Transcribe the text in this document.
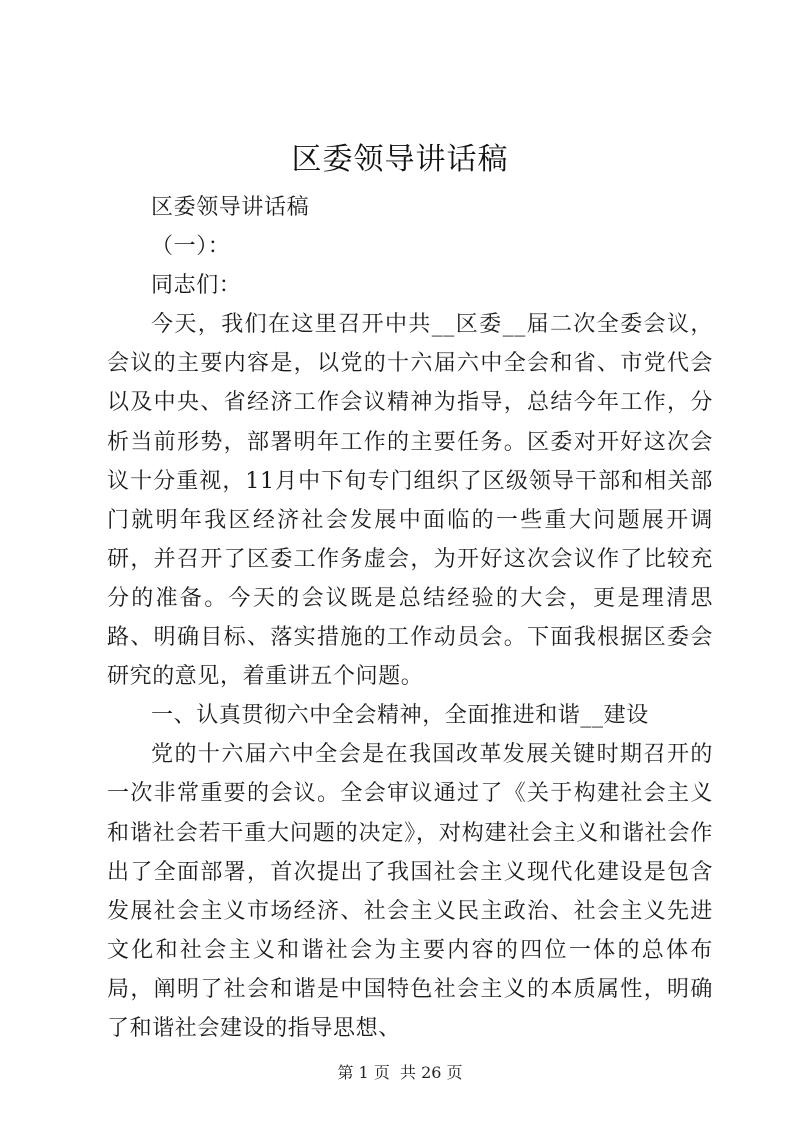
区委领导讲话稿

区委领导讲话稿

（一）：

同志们：

今天，我们在这里召开中共__区委__届二次全委会议，会议的主要内容是，以党的十六届六中全会和省、市党代会以及中央、省经济工作会议精神为指导，总结今年工作，分析当前形势，部署明年工作的主要任务。区委对开好这次会议十分重视，11月中下旬专门组织了区级领导干部和相关部门就明年我区经济社会发展中面临的一些重大问题展开调研，并召开了区委工作务虚会，为开好这次会议作了比较充分的准备。今天的会议既是总结经验的大会，更是理清思路、明确目标、落实措施的工作动员会。下面我根据区委会研究的意见，着重讲五个问题。

一、认真贯彻六中全会精神，全面推进和谐__建设

党的十六届六中全会是在我国改革发展关键时期召开的一次非常重要的会议。全会审议通过了《关于构建社会主义和谐社会若干重大问题的决定》，对构建社会主义和谐社会作出了全面部署，首次提出了我国社会主义现代化建设是包含发展社会主义市场经济、社会主义民主政治、社会主义先进文化和社会主义和谐社会为主要内容的四位一体的总体布局，阐明了社会和谐是中国特色社会主义的本质属性，明确了和谐社会建设的指导思想、

第 1 页  共 26 页
